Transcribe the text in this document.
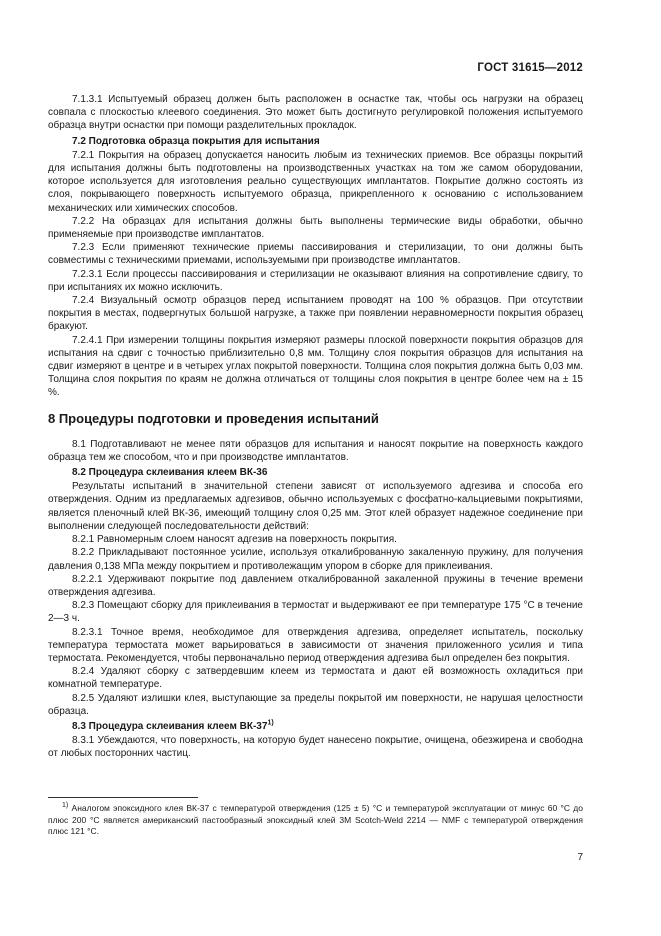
ГОСТ 31615—2012

7.1.3.1 Испытуемый образец должен быть расположен в оснастке так, чтобы ось нагрузки на образец совпала с плоскостью клеевого соединения. Это может быть достигнуто регулировкой положения испытуемого образца внутри оснастки при помощи разделительных прокладок.

7.2 Подготовка образца покрытия для испытания

7.2.1 Покрытия на образец допускается наносить любым из технических приемов. Все образцы покрытий для испытания должны быть подготовлены на производственных участках на том же самом оборудовании, которое используется для изготовления реально существующих имплантатов. Покрытие должно состоять из слоя, покрывающего поверхность испытуемого образца, прикрепленного к основанию с использованием механических или химических способов.

7.2.2 На образцах для испытания должны быть выполнены термические виды обработки, обычно применяемые при производстве имплантатов.

7.2.3 Если применяют технические приемы пассивирования и стерилизации, то они должны быть совместимы с техническими приемами, используемыми при производстве имплантатов.

7.2.3.1 Если процессы пассивирования и стерилизации не оказывают влияния на сопротивление сдвигу, то при испытаниях их можно исключить.

7.2.4 Визуальный осмотр образцов перед испытанием проводят на 100 % образцов. При отсутствии покрытия в местах, подвергнутых большой нагрузке, а также при появлении неравномерности покрытия образец бракуют.

7.2.4.1 При измерении толщины покрытия измеряют размеры плоской поверхности покрытия образцов для испытания на сдвиг с точностью приблизительно 0,8 мм. Толщину слоя покрытия образцов для испытания на сдвиг измеряют в центре и в четырех углах покрытой поверхности. Толщина слоя покрытия должна быть 0,03 мм. Толщина слоя покрытия по краям не должна отличаться от толщины слоя покрытия в центре более чем на ± 15 %.

8 Процедуры подготовки и проведения испытаний

8.1 Подготавливают не менее пяти образцов для испытания и наносят покрытие на поверхность каждого образца тем же способом, что и при производстве имплантатов.

8.2 Процедура склеивания клеем ВК-36

Результаты испытаний в значительной степени зависят от используемого адгезива и способа его отверждения. Одним из предлагаемых адгезивов, обычно используемых с фосфатно-кальциевыми покрытиями, является пленочный клей ВК-36, имеющий толщину слоя 0,25 мм. Этот клей образует надежное соединение при выполнении следующей последовательности действий:

8.2.1 Равномерным слоем наносят адгезив на поверхность покрытия.

8.2.2 Прикладывают постоянное усилие, используя откалиброванную закаленную пружину, для получения давления 0,138 МПа между покрытием и противолежащим упором в сборке для приклеивания.

8.2.2.1 Удерживают покрытие под давлением откалиброванной закаленной пружины в течение времени отверждения адгезива.

8.2.3 Помещают сборку для приклеивания в термостат и выдерживают ее при температуре 175 °С в течение 2—3 ч.

8.2.3.1 Точное время, необходимое для отверждения адгезива, определяет испытатель, поскольку температура термостата может варьироваться в зависимости от значения приложенного усилия и типа термостата. Рекомендуется, чтобы первоначально период отверждения адгезива был определен без покрытия.

8.2.4 Удаляют сборку с затвердевшим клеем из термостата и дают ей возможность охладиться при комнатной температуре.

8.2.5 Удаляют излишки клея, выступающие за пределы покрытой им поверхности, не нарушая целостности образца.

8.3 Процедура склеивания клеем ВК-37$^{1)}$

8.3.1 Убеждаются, что поверхность, на которую будет нанесено покрытие, очищена, обезжирена и свободна от любых посторонних частиц.

$^{1)}$ Аналогом эпоксидного клея ВК-37 с температурой отверждения (125 ± 5) °С и температурой эксплуатации от минус 60 °С до плюс 200 °С является американский пастообразный эпоксидный клей 3М Scotch-Weld 2214 — NMF с температурой отверждения плюс 121 °С.

7
